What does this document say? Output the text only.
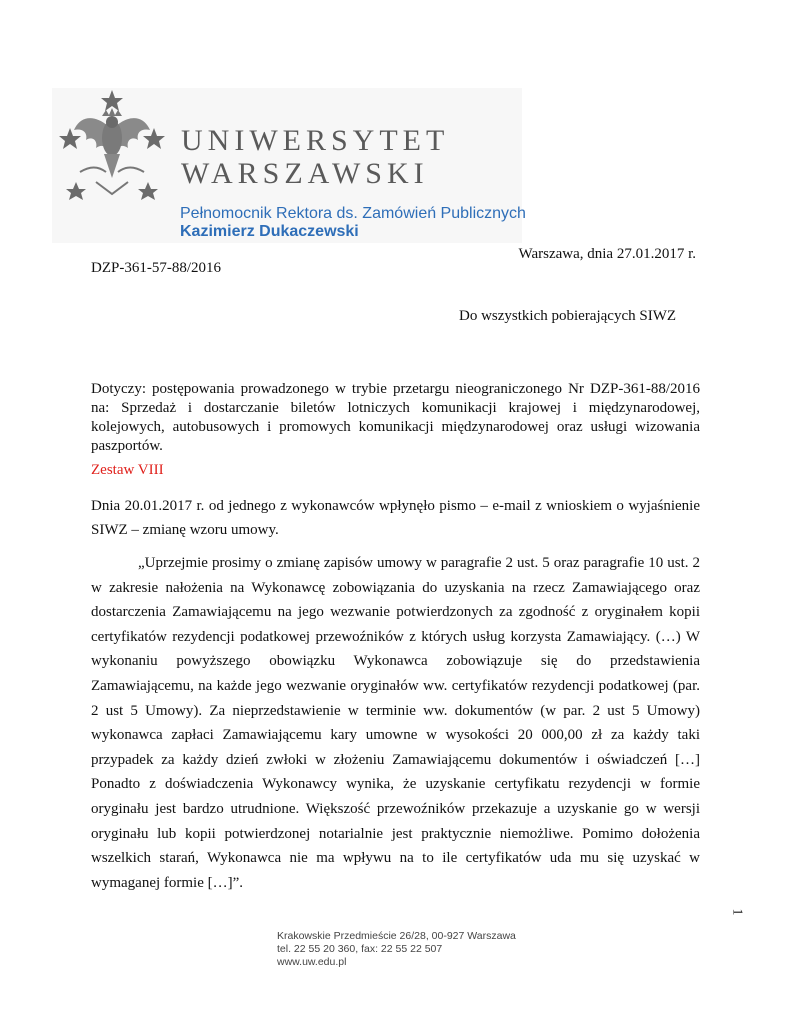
UNIWERSYTET
WARSZAWSKI
Pełnomocnik Rektora ds. Zamówień Publicznych
Kazimierz Dukaczewski
Warszawa, dnia 27.01.2017 r.
DZP-361-57-88/2016
Do wszystkich pobierających SIWZ
Dotyczy: postępowania prowadzonego w trybie przetargu nieograniczonego Nr DZP-361-88/2016 na: Sprzedaż i dostarczanie biletów lotniczych komunikacji krajowej i międzynarodowej, kolejowych, autobusowych i promowych komunikacji międzynarodowej oraz usługi wizowania paszportów.
Zestaw VIII
Dnia 20.01.2017 r. od jednego z wykonawców wpłynęło pismo – e-mail z wnioskiem o wyjaśnienie SIWZ – zmianę wzoru umowy.
„Uprzejmie prosimy o zmianę zapisów umowy w paragrafie 2 ust. 5 oraz paragrafie 10 ust. 2 w zakresie nałożenia na Wykonawcę zobowiązania do uzyskania na rzecz Zamawiającego oraz dostarczenia Zamawiającemu na jego wezwanie potwierdzonych za zgodność z oryginałem kopii certyfikatów rezydencji podatkowej przewoźników z których usług korzysta Zamawiający. (…) W wykonaniu powyższego obowiązku Wykonawca zobowiązuje się do przedstawienia Zamawiającemu, na każde jego wezwanie oryginałów ww. certyfikatów rezydencji podatkowej (par. 2 ust 5 Umowy). Za nieprzedstawienie w terminie ww. dokumentów (w par. 2 ust 5 Umowy) wykonawca zapłaci Zamawiającemu kary umowne w wysokości 20 000,00 zł za każdy taki przypadek za każdy dzień zwłoki w złożeniu Zamawiającemu dokumentów i oświadczeń […] Ponadto z doświadczenia Wykonawcy wynika, że uzyskanie certyfikatu rezydencji w formie oryginału jest bardzo utrudnione. Większość przewoźników przekazuje a uzyskanie go w wersji oryginału lub kopii potwierdzonej notarialnie jest praktycznie niemożliwe. Pomimo dołożenia wszelkich starań, Wykonawca nie ma wpływu na to ile certyfikatów uda mu się uzyskać w wymaganej formie […]”.
1
Krakowskie Przedmieście 26/28, 00-927 Warszawa
tel. 22 55 20 360, fax: 22 55 22 507
www.uw.edu.pl
